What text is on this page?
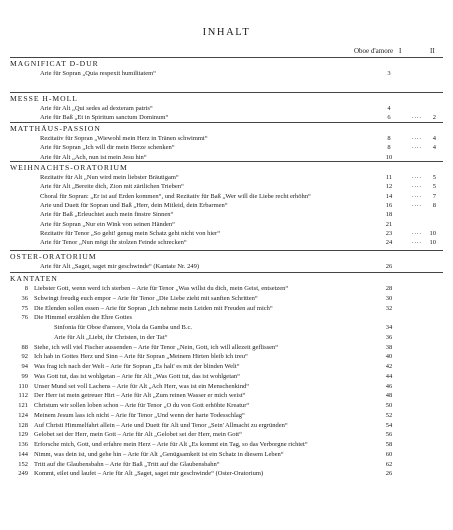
INHALT
Oboe d'amore I	II
MAGNIFICAT D-DUR
Arie für Sopran „Quia respexit humilitatem“	3
MESSE H-MOLL
Arie für Alt „Qui sedes ad dexteram patris“	4
Arie für Baß „Et in Spiritum sanctum Dominum“	6	....	2
MATTHÄUS-PASSION
Rezitativ für Sopran „Wiewohl mein Herz in Tränen schwimmt“	8	....	4
Arie für Sopran „Ich will dir mein Herze schenken“	8	....	4
Arie für Alt „Ach, nun ist mein Jesu hin“	10
WEIHNACHTS-ORATORIUM
Rezitativ für Alt „Nun wird mein liebster Bräutigam“	11	....	5
Arie für Alt „Bereite dich, Zion mit zärtlichen Trieben“	12	....	5
Choral für Sopran: „Er ist auf Erden kommen“, und Rezitativ für Baß „Wer will die Liebe recht erhöhn“	14	....	7
Arie und Duett für Sopran und Baß „Herr, dein Mitleid, dein Erbarmen“	16	....	8
Arie für Baß „Erleuchtet auch mein finstre Sinnen“	18
Arie für Sopran „Nur ein Wink von seinen Händen“	21
Rezitativ für Tenor „So geht! genug mein Schatz geht nicht von hier“	23	....	10
Arie für Tenor „Nun mögt ihr stolzen Feinde schrecken“	24	....	10
OSTER-ORATORIUM
Arie für Alt „Saget, saget mir geschwinde“ (Kantate Nr. 249)	26
KANTATEN
8 Liebster Gott, wenn werd ich sterben – Arie für Tenor „Was willst du dich, mein Geist, entsetzen“	28
36 Schwingt freudig euch empor – Arie für Tenor „Die Liebe zieht mit sanften Schritten“	30
75 Die Elenden sollen essen – Arie für Sopran „Ich nehme mein Leiden mit Freuden auf mich“	32
76 Die Himmel erzählen die Ehre Gottes
Sinfonia für Oboe d'amore, Viola da Gamba und B.c.	34
Arie für Alt „Liebt, ihr Christen, in der Tat“	36
88 Siehe, ich will viel Fischer aussenden – Arie für Tenor „Nein, Gott, ich will allezeit geflissen“	38
92 Ich hab in Gottes Herz und Sinn – Arie für Sopran „Meinem Hirten bleib ich treu“	40
94 Was frag ich nach der Welt – Arie für Sopran „Es halt' es mit der blinden Welt“	42
99 Was Gott tut, das ist wohlgetan – Arie für Alt „Was Gott tut, das ist wohlgetan“	44
110 Unser Mund sei voll Lachens – Arie für Alt „Ach Herr, was ist ein Menschenkind“	46
112 Der Herr ist mein getreuer Hirt – Arie für Alt „Zum reinen Wasser er mich weist“	48
121 Christum wir sollen loben schon – Arie für Tenor „O du von Gott erhöhte Kreatur“	50
124 Meinem Jesum lass ich nicht – Arie für Tenor „Und wenn der harte Todesschlag“	52
128 Auf Christi Himmelfahrt allein – Arie und Duett für Alt und Tenor „Sein' Allmacht zu ergründen“	54
129 Gelobet sei der Herr, mein Gott – Arie für Alt „Gelobet sei der Herr, mein Gott“	56
136 Erforsche mich, Gott, und erfahre mein Herz – Arie für Alt „Es kommt ein Tag, so das Verborgne richtet“	58
144 Nimm, was dein ist, und gehe hin – Arie für Alt „Genügsamkeit ist ein Schatz in diesem Leben“	60
152 Tritt auf die Glaubensbahn – Arie für Baß „Tritt auf die Glaubensbahn“	62
249 Kommt, eilet und laufet – Arie für Alt „Saget, saget mir geschwinde“ (Oster-Oratorium)	26
